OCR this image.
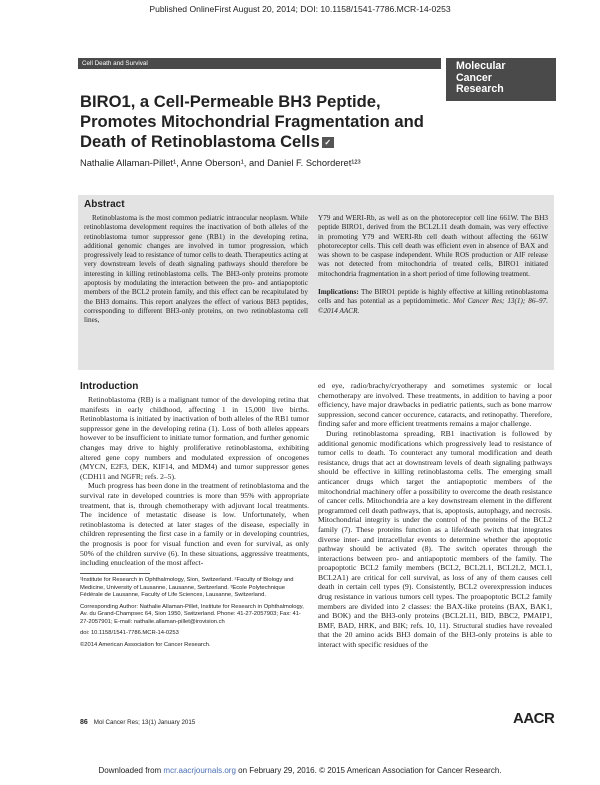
Published OnlineFirst August 20, 2014; DOI: 10.1158/1541-7786.MCR-14-0253
Cell Death and Survival	Molecular
Cancer
Research
BIRO1, a Cell-Permeable BH3 Peptide, Promotes Mitochondrial Fragmentation and Death of Retinoblastoma Cells ✓
Nathalie Allaman-Pillet¹, Anne Oberson¹, and Daniel F. Schorderet¹²³
Abstract
Retinoblastoma is the most common pediatric intraocular neoplasm. While retinoblastoma development requires the inactivation of both alleles of the retinoblastoma tumor suppressor gene (RB1) in the developing retina, additional genomic changes are involved in tumor progression, which progressively lead to resistance of tumor cells to death. Therapeutics acting at very downstream levels of death signaling pathways should therefore be interesting in killing retinoblastoma cells. The BH3-only proteins promote apoptosis by modulating the interaction between the pro- and antiapoptotic members of the BCL2 protein family, and this effect can be recapitulated by the BH3 domains. This report analyzes the effect of various BH3 peptides, corresponding to different BH3-only proteins, on two retinoblastoma cell lines,

Y79 and WERI-Rb, as well as on the photoreceptor cell line 661W. The BH3 peptide BIRO1, derived from the BCL2L11 death domain, was very effective in promoting Y79 and WERI-Rb cell death without affecting the 661W photoreceptor cells. This cell death was efficient even in absence of BAX and was shown to be caspase independent. While ROS production or AIF release was not detected from mitochondria of treated cells, BIRO1 initiated mitochondria fragmentation in a short period of time following treatment.

Implications: The BIRO1 peptide is highly effective at killing retinoblastoma cells and has potential as a peptidomimetic. Mol Cancer Res; 13(1); 86–97. ©2014 AACR.

Introduction

Retinoblastoma (RB) is a malignant tumor of the developing retina that manifests in early childhood, affecting 1 in 15,000 live births. Retinoblastoma is initiated by inactivation of both alleles of the RB1 tumor suppressor gene in the developing retina (1). Loss of both alleles appears however to be insufficient to initiate tumor formation, and further genomic changes may drive to highly proliferative retinoblastoma, exhibiting altered gene copy numbers and modulated expression of oncogenes (MYCN, E2F3, DEK, KIF14, and MDM4) and tumor suppressor genes (CDH11 and NGFR; refs. 2–5).

Much progress has been done in the treatment of retinoblastoma and the survival rate in developed countries is more than 95% with appropriate treatment, that is, through chemotherapy with adjuvant local treatments. The incidence of metastatic disease is low. Unfortunately, when retinoblastoma is detected at later stages of the disease, especially in children representing the first case in a family or in developing countries, the prognosis is poor for visual function and even for survival, as only 50% of the children survive (6). In these situations, aggressive treatments, including enucleation of the most affect-

ed eye, radio/brachy/cryotherapy and sometimes systemic or local chemotherapy are involved. These treatments, in addition to having a poor efficiency, have major drawbacks in pediatric patients, such as bone marrow suppression, second cancer occurence, cataracts, and retinopathy. Therefore, finding safer and more efficient treatments remains a major challenge.

During retinoblastoma spreading, RB1 inactivation is followed by additional genomic modifications which progressively lead to resistance of tumor cells to death. To counteract any tumoral modification and death resistance, drugs that act at downstream levels of death signaling pathways should be effective in killing retinoblastoma cells. The emerging small anticancer drugs which target the antiapoptotic members of the mitochondrial machinery offer a possibility to overcome the death resistance of cancer cells. Mitochondria are a key downstream element in the different programmed cell death pathways, that is, apoptosis, autophagy, and necrosis. Mitochondrial integrity is under the control of the proteins of the BCL2 family (7). These proteins function as a life/death switch that integrates diverse inter- and intracellular events to determine whether the apoptotic pathway should be activated (8). The switch operates through the interactions between pro- and antiapoptotic members of the family. The proapoptotic BCL2 family members (BCL2, BCL2L1, BCL2L2, MCL1, BCL2A1) are critical for cell survival, as loss of any of them causes cell death in certain cell types (9). Consistently, BCL2 overexpression induces drug resistance in various tumors cell types. The proapoptotic BCL2 family members are divided into 2 classes: the BAX-like proteins (BAX, BAK1, and BOK) and the BH3-only proteins (BCL2L11, BID, BBC2, PMAIP1, BMF, BAD, HRK, and BIK; refs. 10, 11). Structural studies have revealed that the 20 amino acids BH3 domain of the BH3-only proteins is able to interact with specific residues of the

¹Institute for Research in Ophthalmology, Sion, Switzerland. ²Faculty of Biology and Medicine, University of Lausanne, Lausanne, Switzerland. ³Ecole Polytechnique Fédérale de Lausanne, Faculty of Life Sciences, Lausanne, Switzerland.

Corresponding Author: Nathalie Allaman-Pillet, Institute for Research in Ophthalmology, Av. du Grand-Champsec 64, Sion 1950, Switzerland. Phone: 41-27-2057903; Fax: 41-27-2057901; E-mail: nathalie.allaman-pillet@irovision.ch

doi: 10.1158/1541-7786.MCR-14-0253

©2014 American Association for Cancer Research.

86 Mol Cancer Res; 13(1) January 2015	AACR
Downloaded from mcr.aacrjournals.org on February 29, 2016. © 2015 American Association for Cancer Research.
